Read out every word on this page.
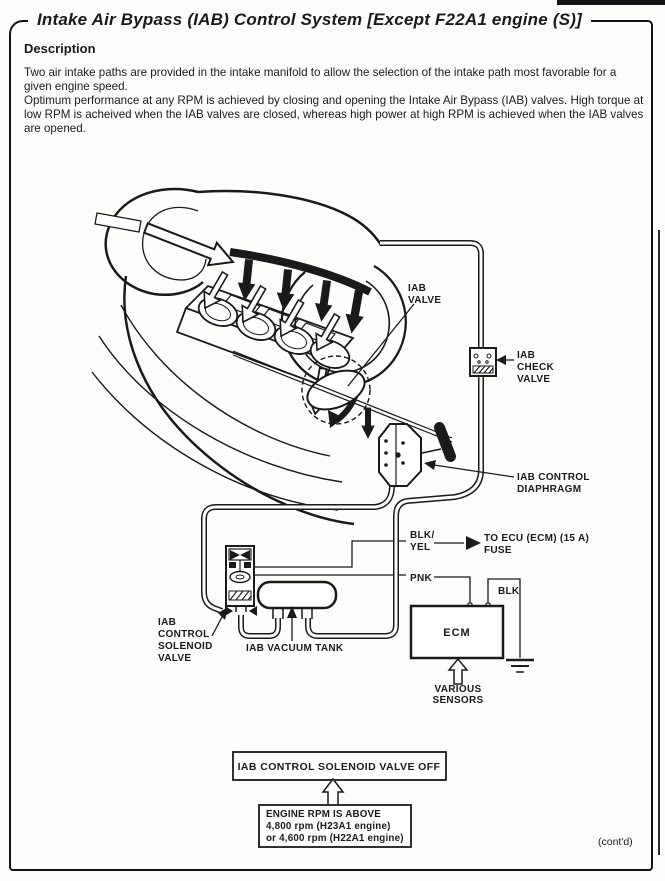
Intake Air Bypass (IAB) Control System [Except F22A1 engine (S)]
Description

Two air intake paths are provided in the intake manifold to allow the selection of the intake path most favorable for a given engine speed.

Optimum performance at any RPM is achieved by closing and opening the Intake Air Bypass (IAB) valves. High torque at low RPM is acheived when the IAB valves are closed, whereas high power at high RPM is achieved when the IAB valves are opened.

(cont'd)
ECM
IAB
VALVE
IAB
CHECK
VALVE
IAB CONTROL
DIAPHRAGM
BLK/
YEL
TO ECU (ECM) (15 A)
FUSE
PNK
BLK
VARIOUS
SENSORS
IAB
CONTROL
SOLENOID
VALVE
IAB VACUUM TANK
IAB CONTROL SOLENOID VALVE OFF
ENGINE RPM IS ABOVE
4,800 rpm (H23A1 engine)
or 4,600 rpm (H22A1 engine)
